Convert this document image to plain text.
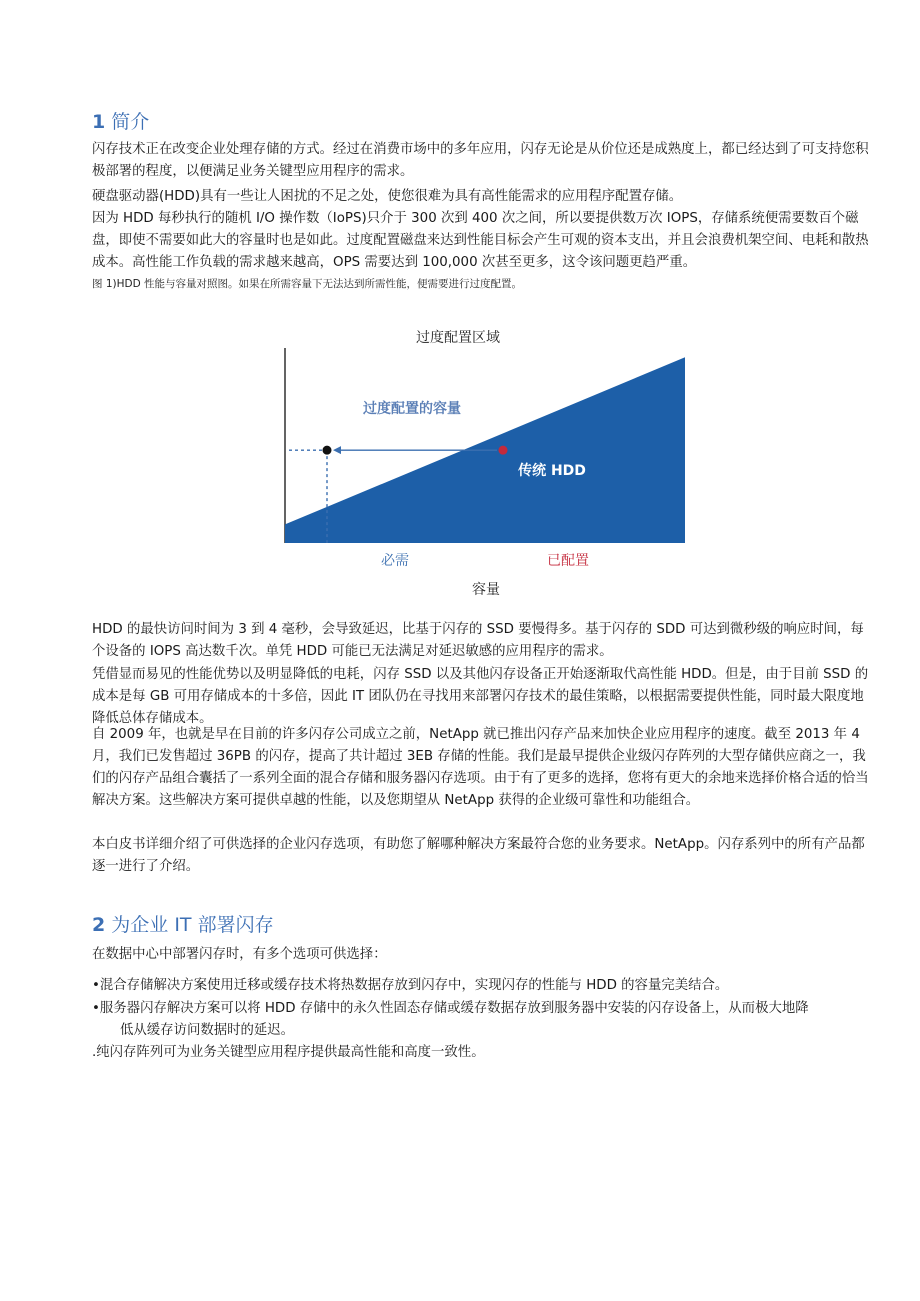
1 简介

闪存技术正在改变企业处理存储的方式。经过在消费市场中的多年应用，闪存无论是从价位还是成熟度上，都已经达到了可支持您积极部署的程度，以便满足业务关键型应用程序的需求。

硬盘驱动器(HDD)具有一些让人困扰的不足之处，使您很难为具有高性能需求的应用程序配置存储。

因为 HDD 每秒执行的随机 I/O 操作数（IoPS)只介于 300 次到 400 次之间，所以要提供数万次 IOPS，存储系统便需要数百个磁盘，即使不需要如此大的容量时也是如此。过度配置磁盘来达到性能目标会产生可观的资本支出，并且会浪费机架空间、电耗和散热成本。高性能工作负载的需求越来越高，OPS 需要达到 100,000 次甚至更多，这令该问题更趋严重。

图 1)HDD 性能与容量对照图。如果在所需容量下无法达到所需性能，便需要进行过度配置。

HDD 的最快访问时间为 3 到 4 毫秒，会导致延迟，比基于闪存的 SSD 要慢得多。基于闪存的 SDD 可达到微秒级的响应时间，每个设备的 IOPS 高达数千次。单凭 HDD 可能已无法满足对延迟敏感的应用程序的需求。

凭借显而易见的性能优势以及明显降低的电耗，闪存 SSD 以及其他闪存设备正开始逐渐取代高性能 HDD。但是，由于目前 SSD 的成本是每 GB 可用存储成本的十多倍，因此 IT 团队仍在寻找用来部署闪存技术的最佳策略，以根据需要提供性能，同时最大限度地降低总体存储成本。

自 2009 年，也就是早在目前的许多闪存公司成立之前，NetApp 就已推出闪存产品来加快企业应用程序的速度。截至 2013 年 4 月，我们已发售超过 36PB 的闪存，提高了共计超过 3EB 存储的性能。我们是最早提供企业级闪存阵列的大型存储供应商之一，我们的闪存产品组合囊括了一系列全面的混合存储和服务器闪存选项。由于有了更多的选择，您将有更大的余地来选择价格合适的恰当解决方案。这些解决方案可提供卓越的性能，以及您期望从 NetApp 获得的企业级可靠性和功能组合。

本白皮书详细介绍了可供选择的企业闪存选项，有助您了解哪种解决方案最符合您的业务要求。NetApp。闪存系列中的所有产品都逐一进行了介绍。

2 为企业 IT 部署闪存

在数据中心中部署闪存时，有多个选项可供选择：

•混合存储解决方案使用迁移或缓存技术将热数据存放到闪存中，实现闪存的性能与 HDD 的容量完美结合。

•服务器闪存解决方案可以将 HDD 存储中的永久性固态存储或缓存数据存放到服务器中安装的闪存设备上，从而极大地降
低从缓存访问数据时的延迟。

.纯闪存阵列可为业务关键型应用程序提供最高性能和高度一致性。

过度配置区域
过度配置的容量
传统 HDD
必需	已配置
容量
